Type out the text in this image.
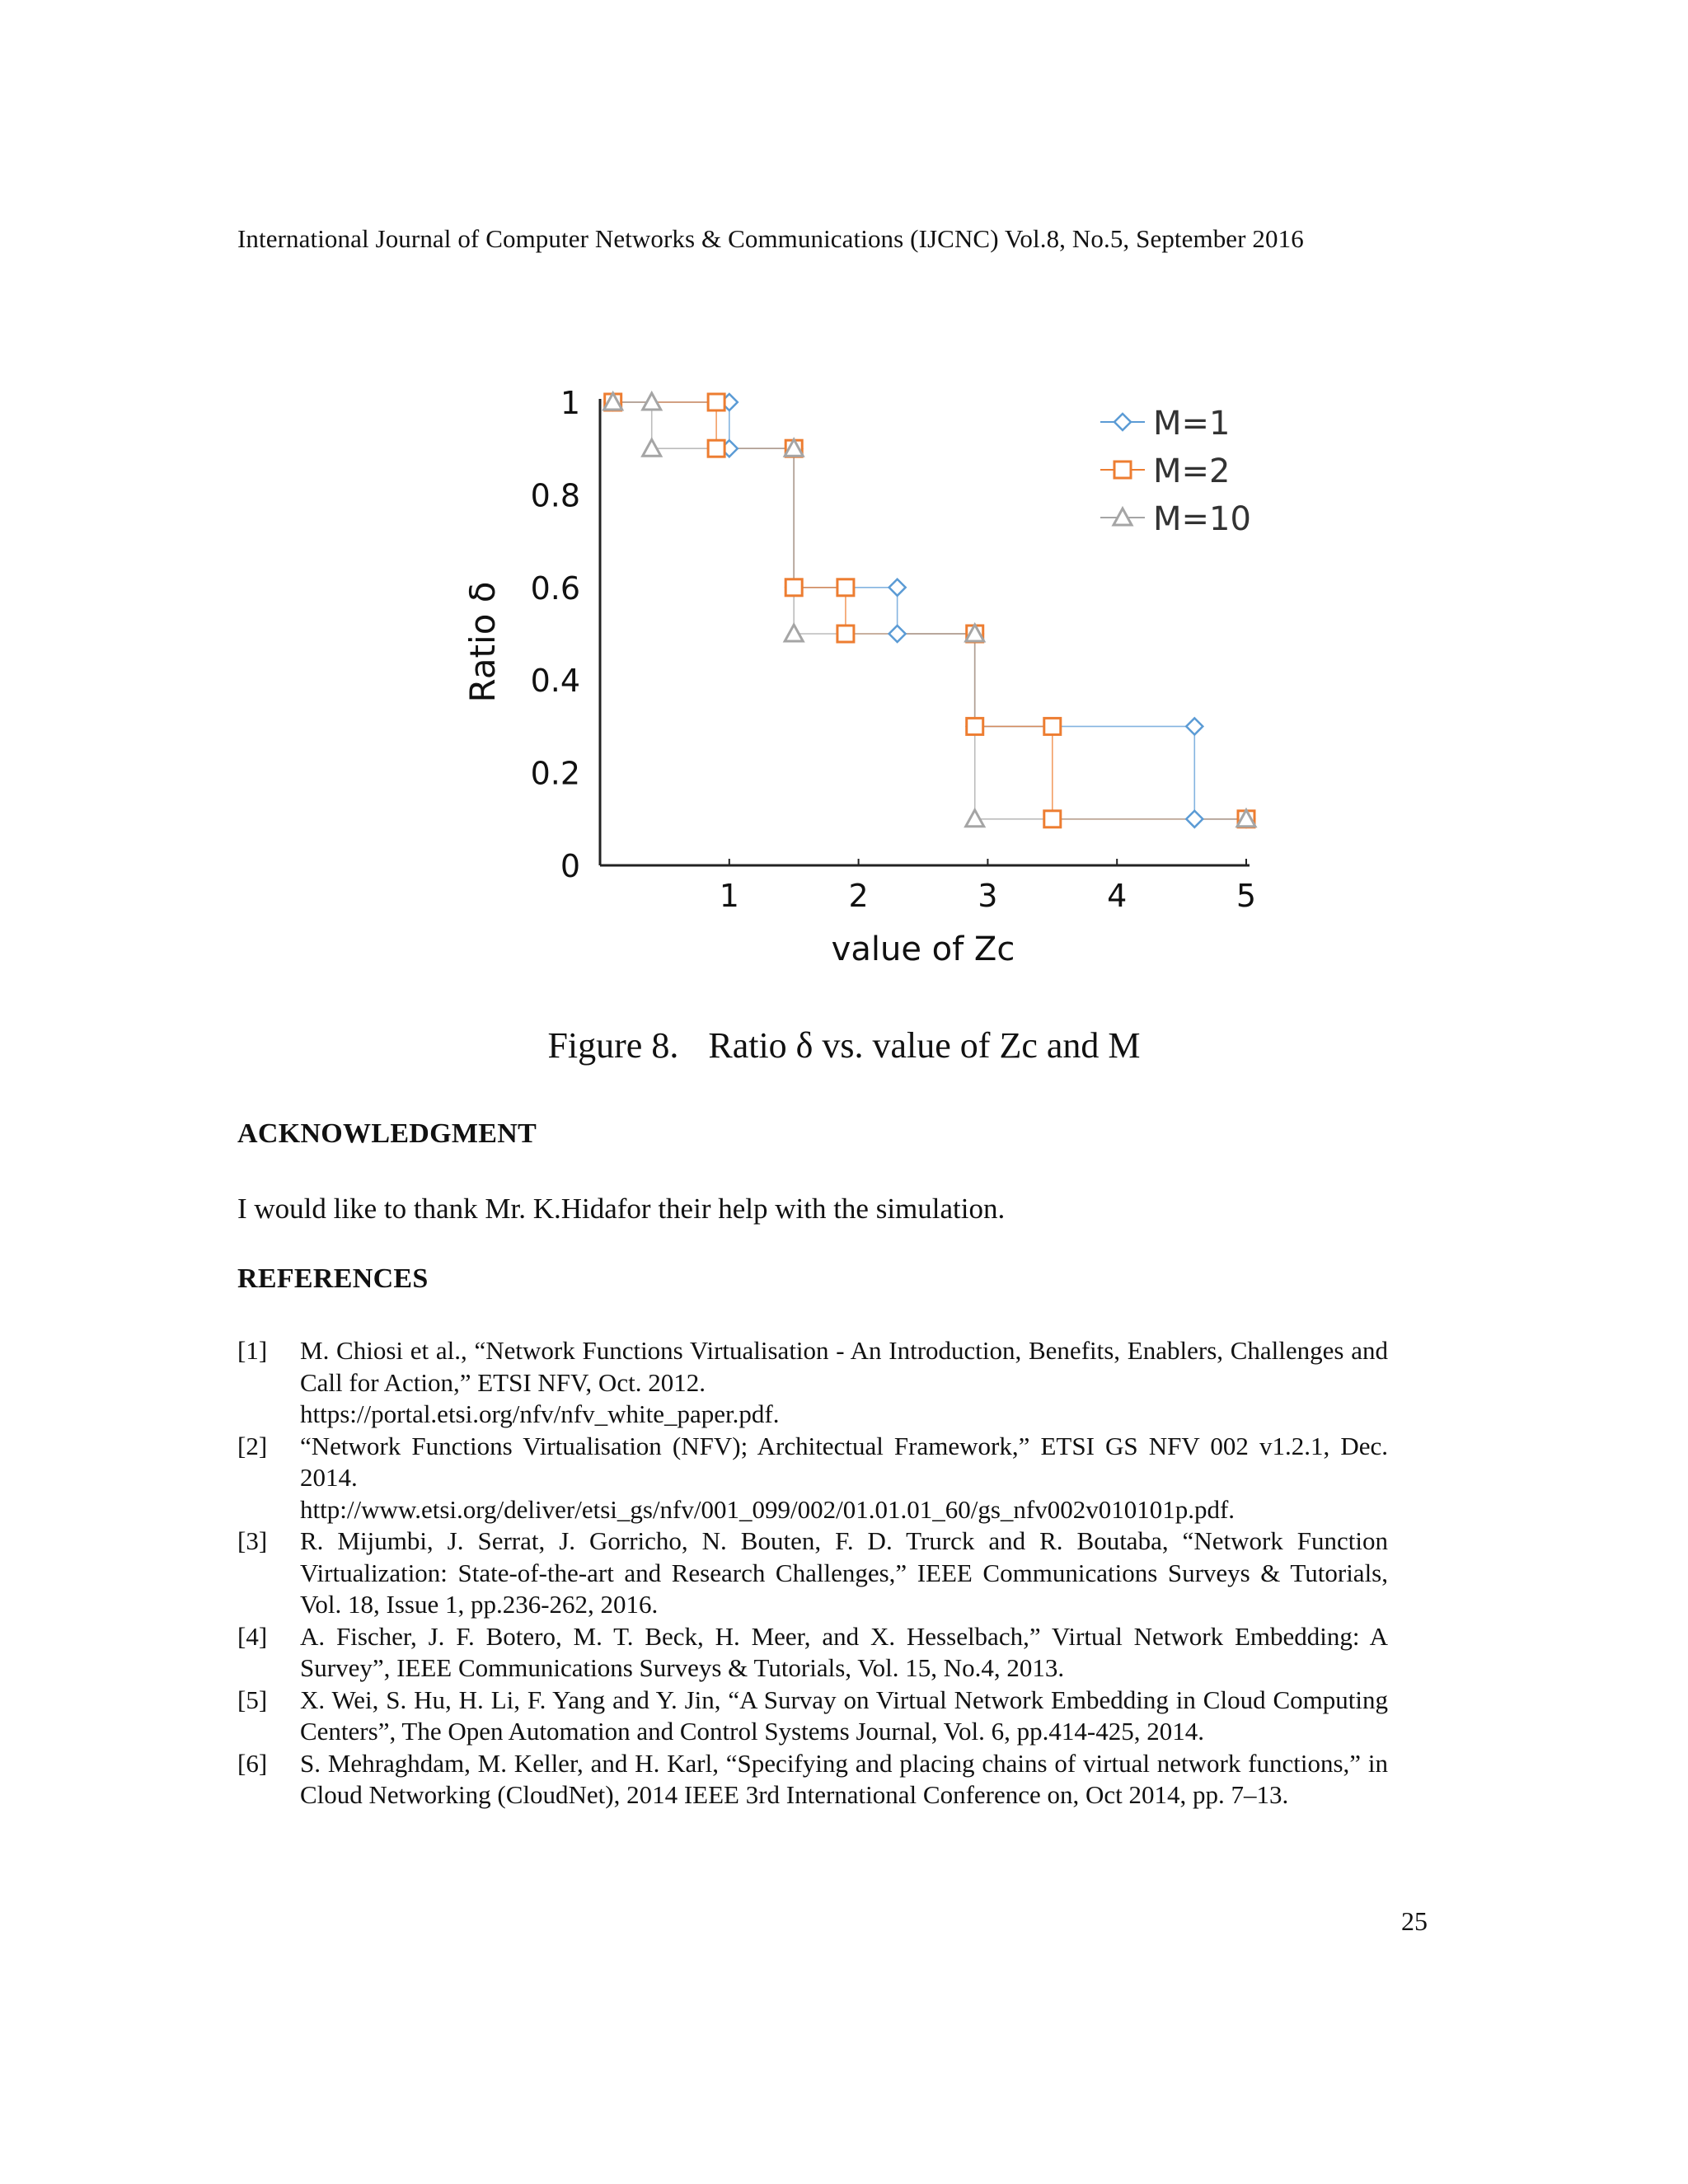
International Journal of Computer Networks & Communications (IJCNC) Vol.8, No.5, September 2016
1	2	3	4	5
0
0.2
0.4
0.6
0.8
1
value of Zc
Ratio δ
M=1
M=2
M=10
Figure 8. Ratio δ vs. value of Zc and M
ACKNOWLEDGMENT
I would like to thank Mr. K.Hidafor their help with the simulation.
REFERENCES
[1]	M. Chiosi et al., “Network Functions Virtualisation - An Introduction, Benefits, Enablers, Challenges and Call for Action,” ETSI NFV, Oct. 2012.
https://portal.etsi.org/nfv/nfv_white_paper.pdf.
[2]	“Network Functions Virtualisation (NFV); Architectual Framework,” ETSI GS NFV 002 v1.2.1, Dec. 2014.
http://www.etsi.org/deliver/etsi_gs/nfv/001_099/002/01.01.01_60/gs_nfv002v010101p.pdf.
[3]	R. Mijumbi, J. Serrat, J. Gorricho, N. Bouten, F. D. Trurck and R. Boutaba, “Network Function Virtualization: State-of-the-art and Research Challenges,” IEEE Communications Surveys & Tutorials, Vol. 18, Issue 1, pp.236-262, 2016.
[4]	A. Fischer, J. F. Botero, M. T. Beck, H. Meer, and X. Hesselbach,” Virtual Network Embedding: A Survey”, IEEE Communications Surveys & Tutorials, Vol. 15, No.4, 2013.
[5]	X. Wei, S. Hu, H. Li, F. Yang and Y. Jin, “A Survay on Virtual Network Embedding in Cloud Computing Centers”, The Open Automation and Control Systems Journal, Vol. 6, pp.414-425, 2014.
[6]	S. Mehraghdam, M. Keller, and H. Karl, “Specifying and placing chains of virtual network functions,” in Cloud Networking (CloudNet), 2014 IEEE 3rd International Conference on, Oct 2014, pp. 7–13.
25
